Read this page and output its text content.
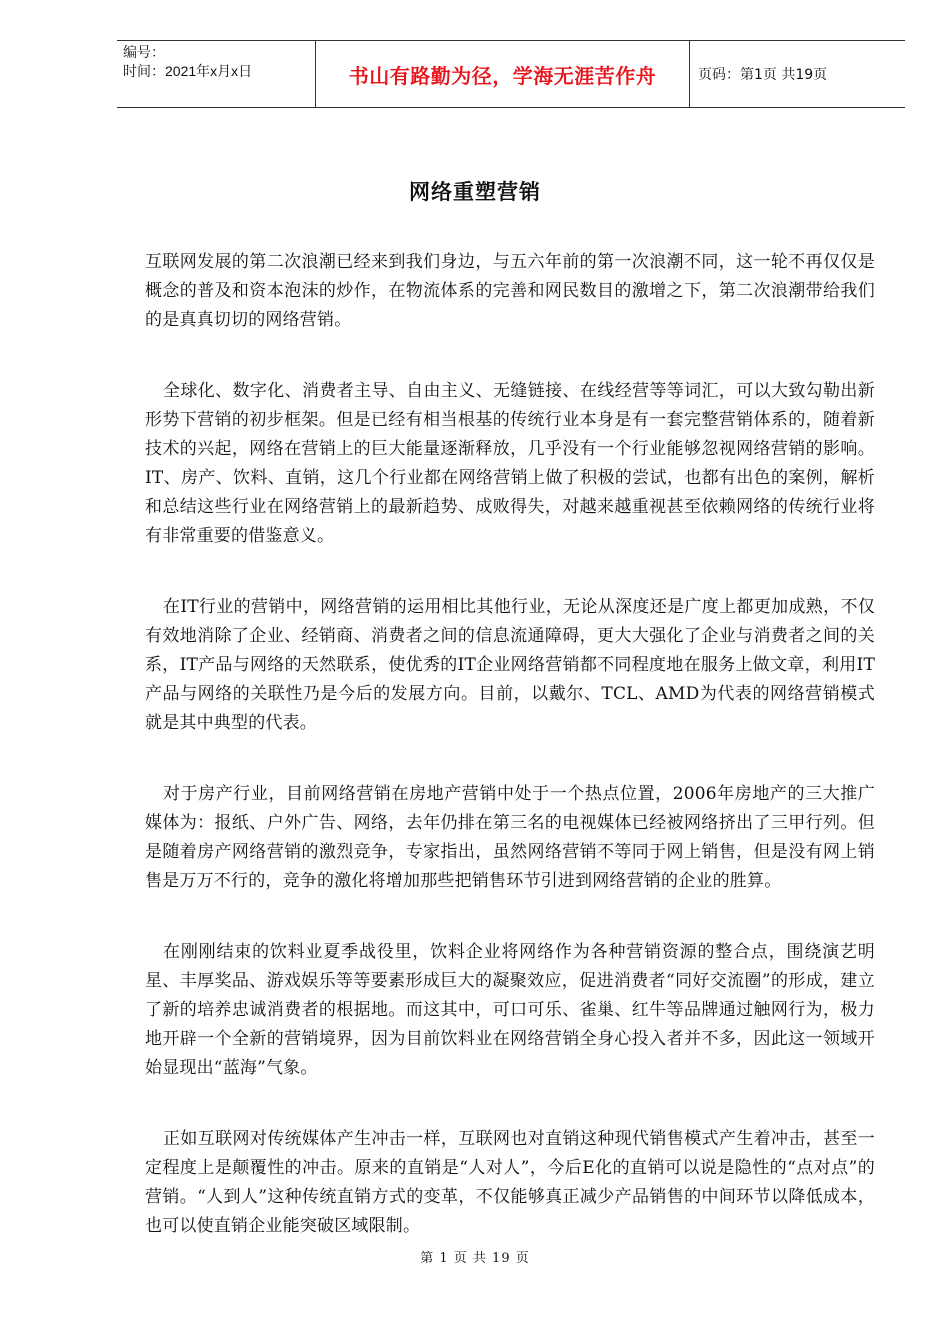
编号：
时间：2021年x月x日	书山有路勤为径，学海无涯苦作舟	页码：第1页 共19页
网络重塑营销

互联网发展的第二次浪潮已经来到我们身边，与五六年前的第一次浪潮不同，这一轮不再仅仅是概念的普及和资本泡沫的炒作，在物流体系的完善和网民数目的激增之下，第二次浪潮带给我们的是真真切切的网络营销。

全球化、数字化、消费者主导、自由主义、无缝链接、在线经营等等词汇，可以大致勾勒出新形势下营销的初步框架。但是已经有相当根基的传统行业本身是有一套完整营销体系的，随着新技术的兴起，网络在营销上的巨大能量逐渐释放，几乎没有一个行业能够忽视网络营销的影响。IT、房产、饮料、直销，这几个行业都在网络营销上做了积极的尝试，也都有出色的案例，解析和总结这些行业在网络营销上的最新趋势、成败得失，对越来越重视甚至依赖网络的传统行业将有非常重要的借鉴意义。

在IT行业的营销中，网络营销的运用相比其他行业，无论从深度还是广度上都更加成熟，不仅有效地消除了企业、经销商、消费者之间的信息流通障碍，更大大强化了企业与消费者之间的关系，IT产品与网络的天然联系，使优秀的IT企业网络营销都不同程度地在服务上做文章，利用IT产品与网络的关联性乃是今后的发展方向。目前，以戴尔、TCL、AMD为代表的网络营销模式就是其中典型的代表。

对于房产行业，目前网络营销在房地产营销中处于一个热点位置，2006年房地产的三大推广媒体为：报纸、户外广告、网络，去年仍排在第三名的电视媒体已经被网络挤出了三甲行列。但是随着房产网络营销的激烈竞争，专家指出，虽然网络营销不等同于网上销售，但是没有网上销售是万万不行的，竞争的激化将增加那些把销售环节引进到网络营销的企业的胜算。

在刚刚结束的饮料业夏季战役里，饮料企业将网络作为各种营销资源的整合点，围绕演艺明星、丰厚奖品、游戏娱乐等等要素形成巨大的凝聚效应，促进消费者“同好交流圈”的形成，建立了新的培养忠诚消费者的根据地。而这其中，可口可乐、雀巢、红牛等品牌通过触网行为，极力地开辟一个全新的营销境界，因为目前饮料业在网络营销全身心投入者并不多，因此这一领域开始显现出“蓝海”气象。

正如互联网对传统媒体产生冲击一样，互联网也对直销这种现代销售模式产生着冲击，甚至一定程度上是颠覆性的冲击。原来的直销是“人对人”，今后E化的直销可以说是隐性的“点对点”的营销。“人到人”这种传统直销方式的变革，不仅能够真正减少产品销售的中间环节以降低成本，也可以使直销企业能突破区域限制。

第 1 页 共 19 页
